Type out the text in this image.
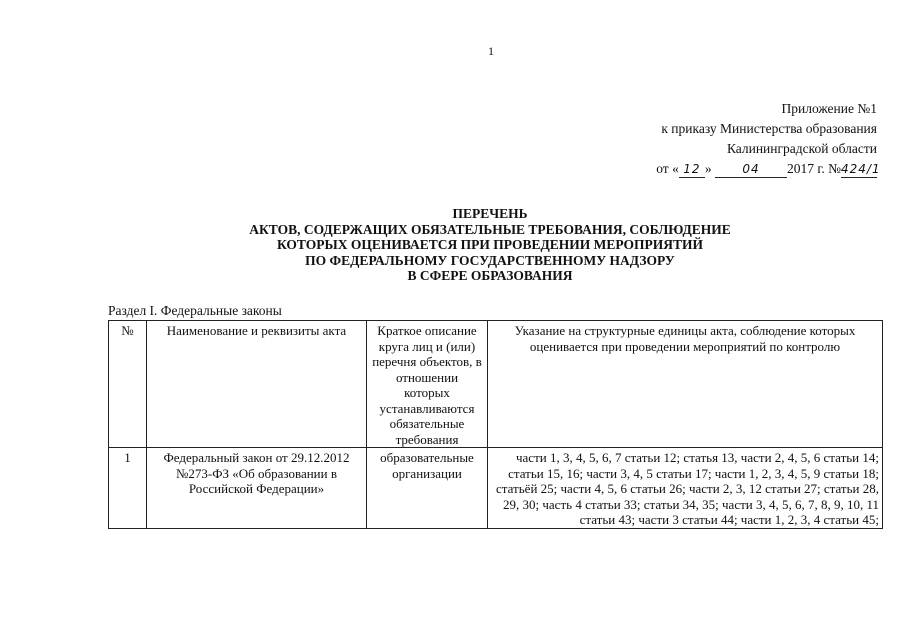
1
Приложение №1
к приказу Министерства образования
Калининградской области
от « 12 »	04 2017 г. №424/1
ПЕРЕЧЕНЬ
АКТОВ, СОДЕРЖАЩИХ ОБЯЗАТЕЛЬНЫЕ ТРЕБОВАНИЯ, СОБЛЮДЕНИЕ
КОТОРЫХ ОЦЕНИВАЕТСЯ ПРИ ПРОВЕДЕНИИ МЕРОПРИЯТИЙ
ПО ФЕДЕРАЛЬНОМУ ГОСУДАРСТВЕННОМУ НАДЗОРУ
В СФЕРЕ ОБРАЗОВАНИЯ
Раздел I. Федеральные законы
№	Наименование и реквизиты акта	Краткое описание круга лиц и (или) перечня объектов, в отношении которых устанавливаются обязательные требования	Указание на структурные единицы акта, соблюдение которых оценивается при проведении мероприятий по контролю
1	Федеральный закон от 29.12.2012 №273-ФЗ «Об образовании в Российской Федерации»	образовательные организации	части 1, 3, 4, 5, 6, 7 статьи 12; статья 13, части 2, 4, 5, 6 статьи 14; статьи 15, 16; части 3, 4, 5 статьи 17; части 1, 2, 3, 4, 5, 9 статьи 18; статьёй 25; части 4, 5, 6 статьи 26; части 2, 3, 12 статьи 27; статьи 28, 29, 30; часть 4 статьи 33; статьи 34, 35; части 3, 4, 5, 6, 7, 8, 9, 10, 11 статьи 43; части 3 статьи 44; части 1, 2, 3, 4 статьи 45;
